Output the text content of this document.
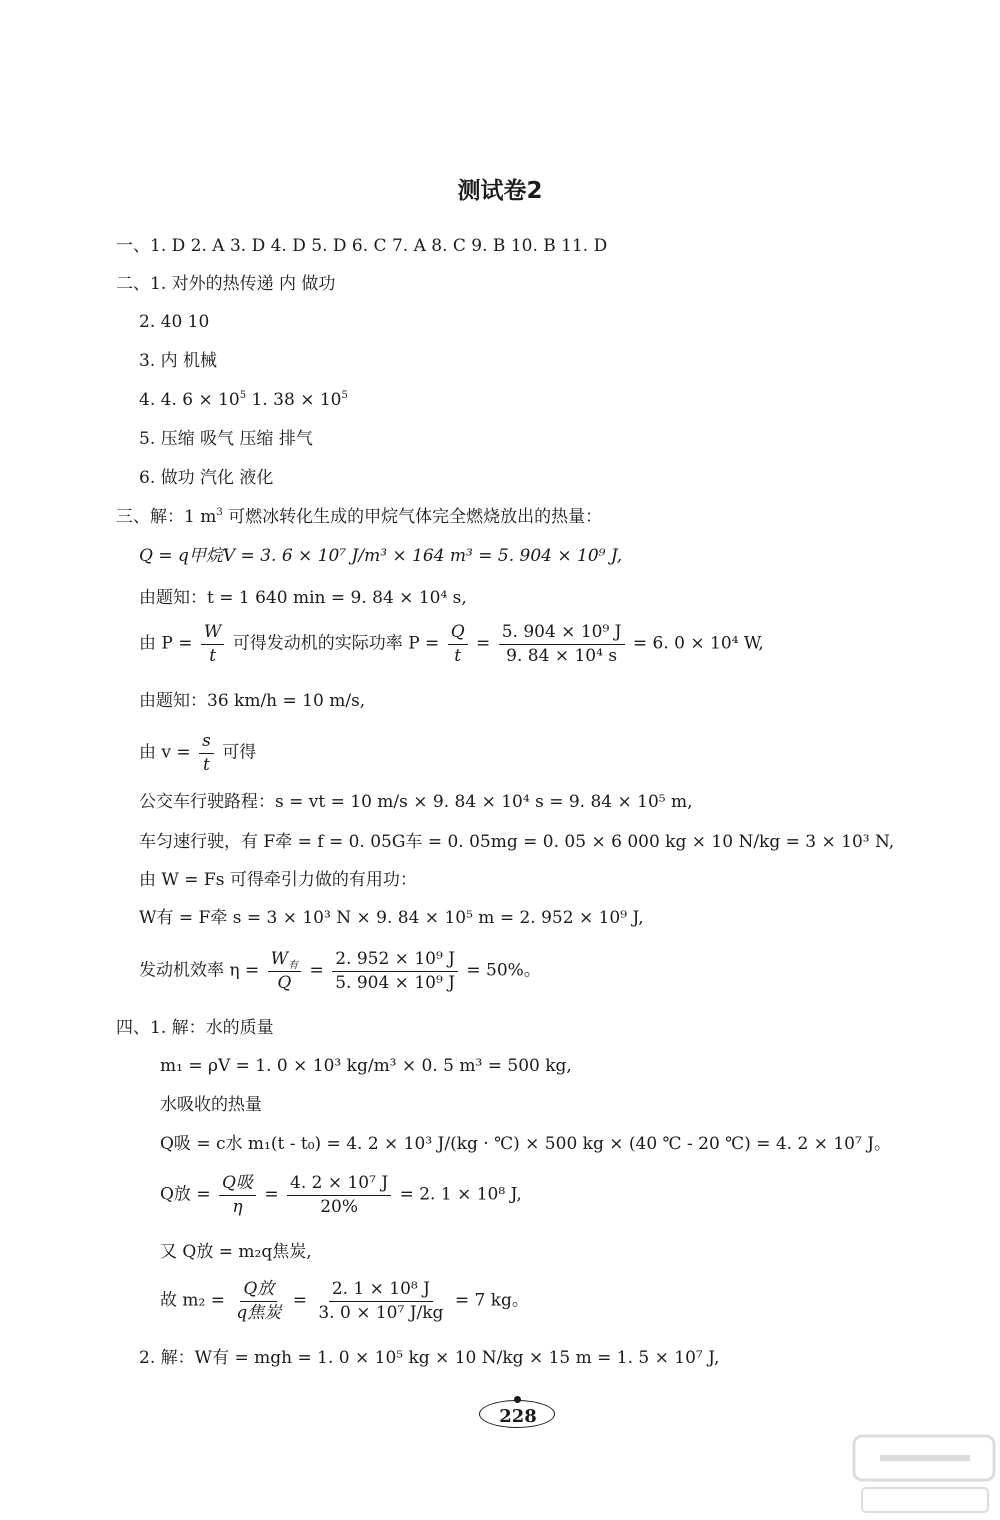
测试卷2
一、1. D 2. A 3. D 4. D 5. D 6. C 7. A 8. C 9. B 10. B 11. D
二、1. 对外的热传递 内 做功
2. 40 10
3. 内 机械
4. 4. $6 \times 10^5$ 1. $38 \times 10^5$
5. 压缩 吸气 压缩 排气
6. 做功 汽化 液化
三、解：1 $m^3$ 可燃冰转化生成的甲烷气体完全燃烧放出的热量：
Q = q甲烷V = 3. 6 × 10⁷ J/m³ × 164 m³ = 5. 904 × 10⁹ J,
由题知：t = 1 640 min = 9. 84 × 10⁴ s,
由 $P = \frac{W}{t}$ 可得发动机的实际功率 $P = \frac{Q}{t} = \frac{\text{5. 904 × 10⁹ J}}{\text{9. 84 × 10⁴ s}} = 6$. 0 × 10⁴ W,
由题知：36 km/h = 10 m/s,
由 $v = \frac{s}{t}$ 可得
公交车行驶路程：s = vt = 10 m/s × 9. 84 × 10⁴ s = 9. 84 × 10⁵ m,
车匀速行驶，有 F牵 = f = 0. 05G车 = 0. 05mg = 0. 05 × 6 000 kg × 10 N/kg = 3 × 10³ N,
由 W = Fs 可得牵引力做的有用功：
W有 = F牵 s = 3 × 10³ N × 9. 84 × 10⁵ m = 2. 952 × 10⁹ J,
发动机效率 $\eta = \frac{W_有}{Q} = \frac{\text{2. 952 × 10⁹ J}}{\text{5. 904 × 10⁹ J}} = 50\%$。
四、1. 解：水的质量
m₁ = ρV = 1. 0 × 10³ kg/m³ × 0. 5 m³ = 500 kg,
水吸收的热量
Q吸 = c水 m₁(t - t₀) = 4. 2 × 10³ J/(kg · ℃) × 500 kg × (40 ℃ - 20 ℃) = 4. 2 × 10⁷ J。
Q放 = $\frac{\text{Q吸}}{\eta} = \frac{\text{4. 2 × 10⁷ J}}{20\%} = 2$. 1 × 10⁸ J,
又 Q放 = m₂q焦炭,
故 $m_2 = \frac{\text{Q放}}{\text{q焦炭}} = \frac{\text{2. 1 × 10⁸ J}}{\text{3. 0 × 10⁷ J/kg}} = 7$ kg。
2. 解：W有 = mgh = 1. 0 × 10⁵ kg × 10 N/kg × 15 m = 1. 5 × 10⁷ J,
228
